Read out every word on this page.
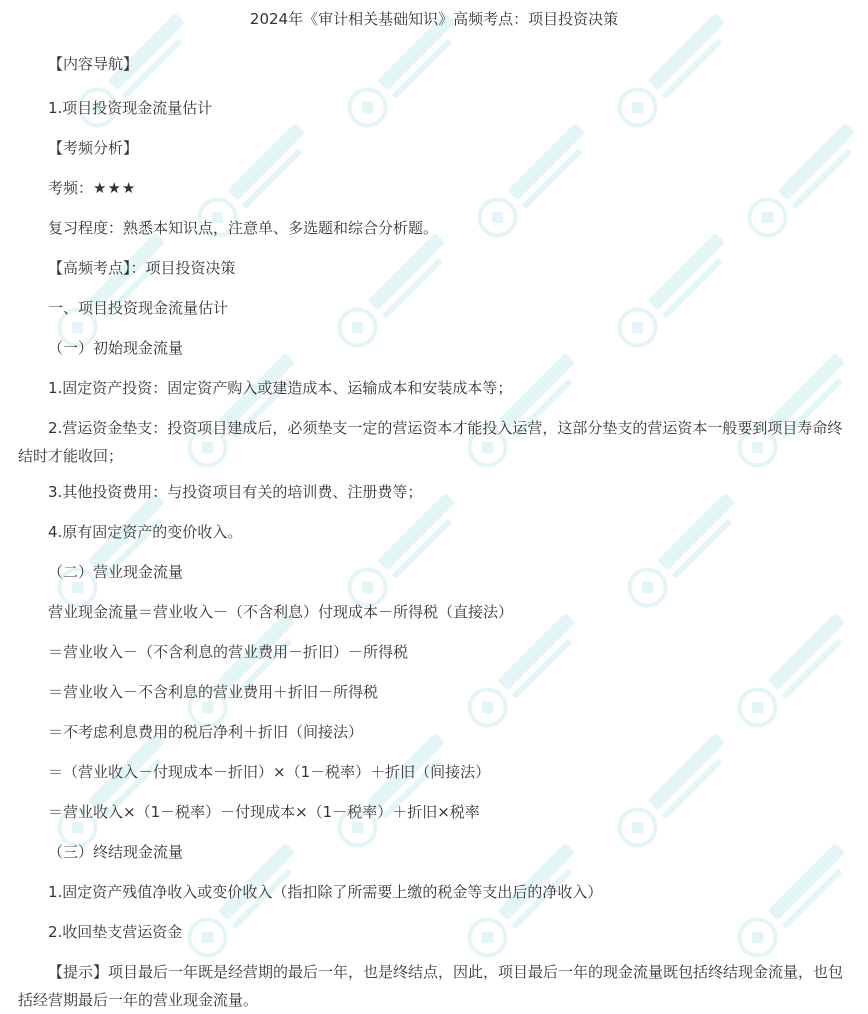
2024年《审计相关基础知识》高频考点：项目投资决策
【内容导航】
1.项目投资现金流量估计
【考频分析】
考频：★★★
复习程度：熟悉本知识点，注意单、多选题和综合分析题。
【高频考点】：项目投资决策
一、项目投资现金流量估计
（一）初始现金流量
1.固定资产投资：固定资产购入或建造成本、运输成本和安装成本等；
2.营运资金垫支：投资项目建成后，必须垫支一定的营运资本才能投入运营，这部分垫支的营运资本一般要到项目寿命终结时才能收回；
3.其他投资费用：与投资项目有关的培训费、注册费等；
4.原有固定资产的变价收入。
（二）营业现金流量
营业现金流量＝营业收入－（不含利息）付现成本－所得税（直接法）
＝营业收入－（不含利息的营业费用－折旧）－所得税
＝营业收入－不含利息的营业费用＋折旧－所得税
＝不考虑利息费用的税后净利＋折旧（间接法）
＝（营业收入－付现成本－折旧）×（1－税率）＋折旧（间接法）
＝营业收入×（1－税率）－付现成本×（1－税率）＋折旧×税率
（三）终结现金流量
1.固定资产残值净收入或变价收入（指扣除了所需要上缴的税金等支出后的净收入）
2.收回垫支营运资金
【提示】项目最后一年既是经营期的最后一年，也是终结点，因此，项目最后一年的现金流量既包括终结现金流量，也包括经营期最后一年的营业现金流量。
